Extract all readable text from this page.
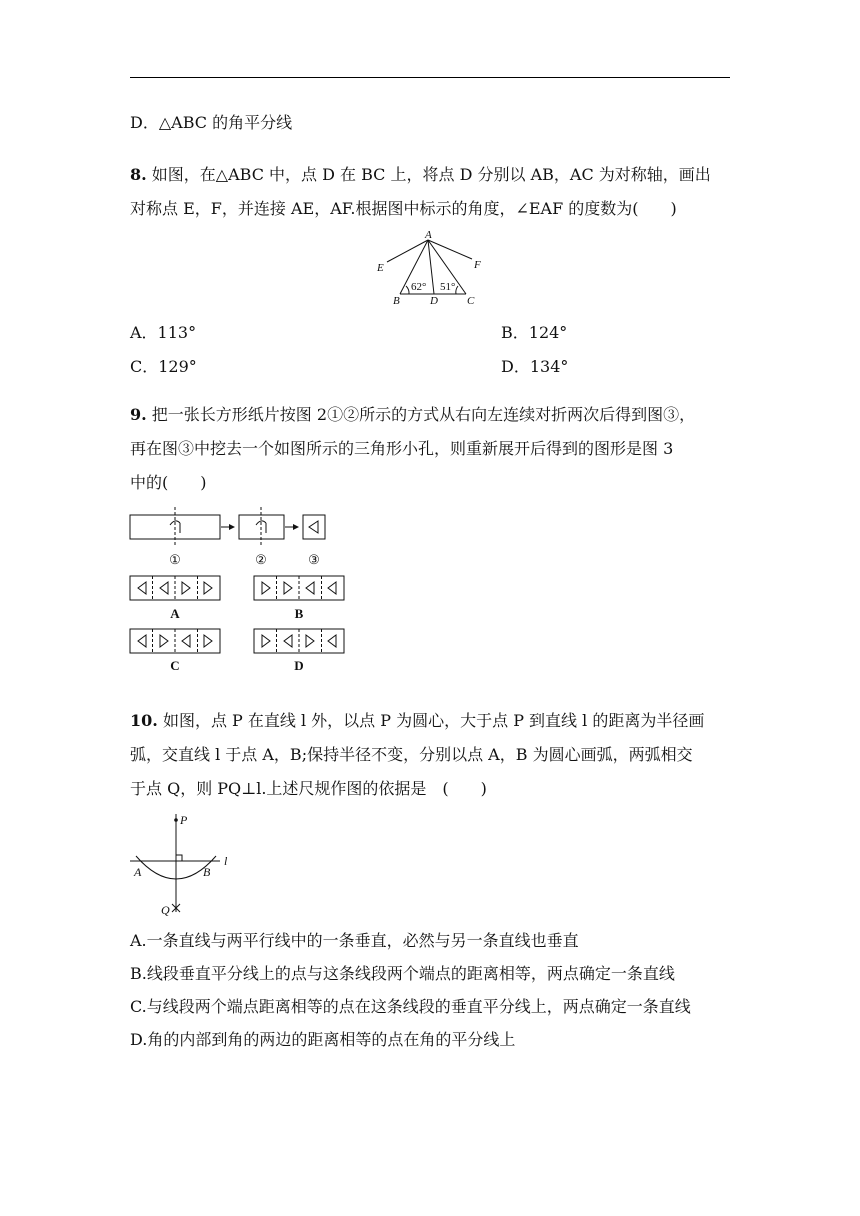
D．△ABC 的角平分线
8. 如图，在△ABC 中，点 D 在 BC 上，将点 D 分别以 AB，AC 为对称轴，画出
对称点 E，F，并连接 AE，AF.根据图中标示的角度，∠EAF 的度数为(　　)
A
E	F
B	D	C
62° 51°
A．113°	B．124°
C．129°	D．134°
9. 把一张长方形纸片按图 2①②所示的方式从右向左连续对折两次后得到图③，
再在图③中挖去一个如图所示的三角形小孔，则重新展开后得到的图形是图 3
中的(　　)
①	②	③
A	B
C	D
10. 如图，点 P 在直线 l 外，以点 P 为圆心，大于点 P 到直线 l 的距离为半径画
弧，交直线 l 于点 A，B;保持半径不变，分别以点 A，B 为圆心画弧，两弧相交
于点 Q，则 PQ⊥l.上述尺规作图的依据是　(　　)
P
A	B
l
Q
A.一条直线与两平行线中的一条垂直，必然与另一条直线也垂直
B.线段垂直平分线上的点与这条线段两个端点的距离相等，两点确定一条直线
C.与线段两个端点距离相等的点在这条线段的垂直平分线上，两点确定一条直线
D.角的内部到角的两边的距离相等的点在角的平分线上
